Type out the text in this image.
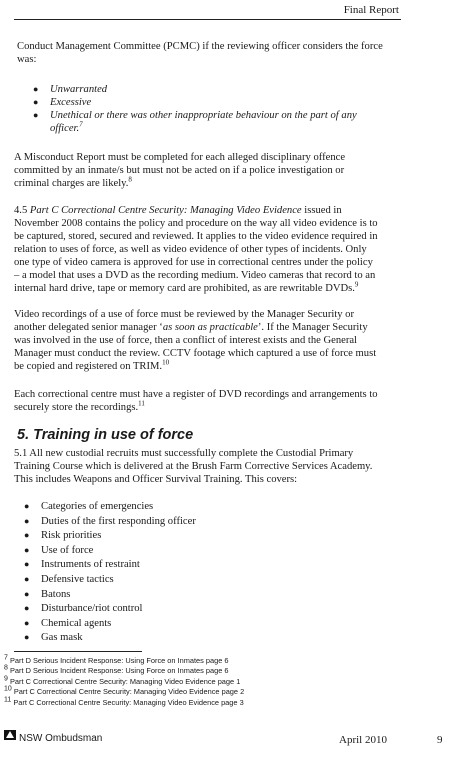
Final Report

Conduct Management Committee (PCMC) if the reviewing officer considers the force

was:

● Unwarranted
● Excessive
● Unethical or there was other inappropriate behaviour on the part of any
officer.$^7$

A Misconduct Report must be completed for each alleged disciplinary offence

committed by an inmate/s but must not be acted on if a police investigation or

criminal charges are likely.$^8$

4.5 Part C Correctional Centre Security: Managing Video Evidence issued in

November 2008 contains the policy and procedure on the way all video evidence is to

be captured, stored, secured and reviewed. It applies to the video evidence required in

relation to uses of force, as well as video evidence of other types of incidents. Only

one type of video camera is approved for use in correctional centres under the policy

– a model that uses a DVD as the recording medium. Video cameras that record to an

internal hard drive, tape or memory card are prohibited, as are rewritable DVDs.$^9$

Video recordings of a use of force must be reviewed by the Manager Security or

another delegated senior manager ‘as soon as practicable’. If the Manager Security

was involved in the use of force, then a conflict of interest exists and the General

Manager must conduct the review. CCTV footage which captured a use of force must

be copied and registered on TRIM.$^{10}$

Each correctional centre must have a register of DVD recordings and arrangements to

securely store the recordings.$^{11}$

5. Training in use of force

5.1 All new custodial recruits must successfully complete the Custodial Primary

Training Course which is delivered at the Brush Farm Corrective Services Academy.

This includes Weapons and Officer Survival Training. This covers:

● Categories of emergencies
● Duties of the first responding officer
● Risk priorities
● Use of force
● Instruments of restraint
● Defensive tactics
● Batons
● Disturbance/riot control
● Chemical agents
● Gas mask
$^7$ Part D Serious Incident Response: Using Force on Inmates page 6
$^8$ Part D Serious Incident Response: Using Force on Inmates page 6
$^9$ Part C Correctional Centre Security: Managing Video Evidence page 1
$^{10}$ Part C Correctional Centre Security: Managing Video Evidence page 2
$^{11}$ Part C Correctional Centre Security: Managing Video Evidence page 3
NSW Ombudsman	April 2010	9
